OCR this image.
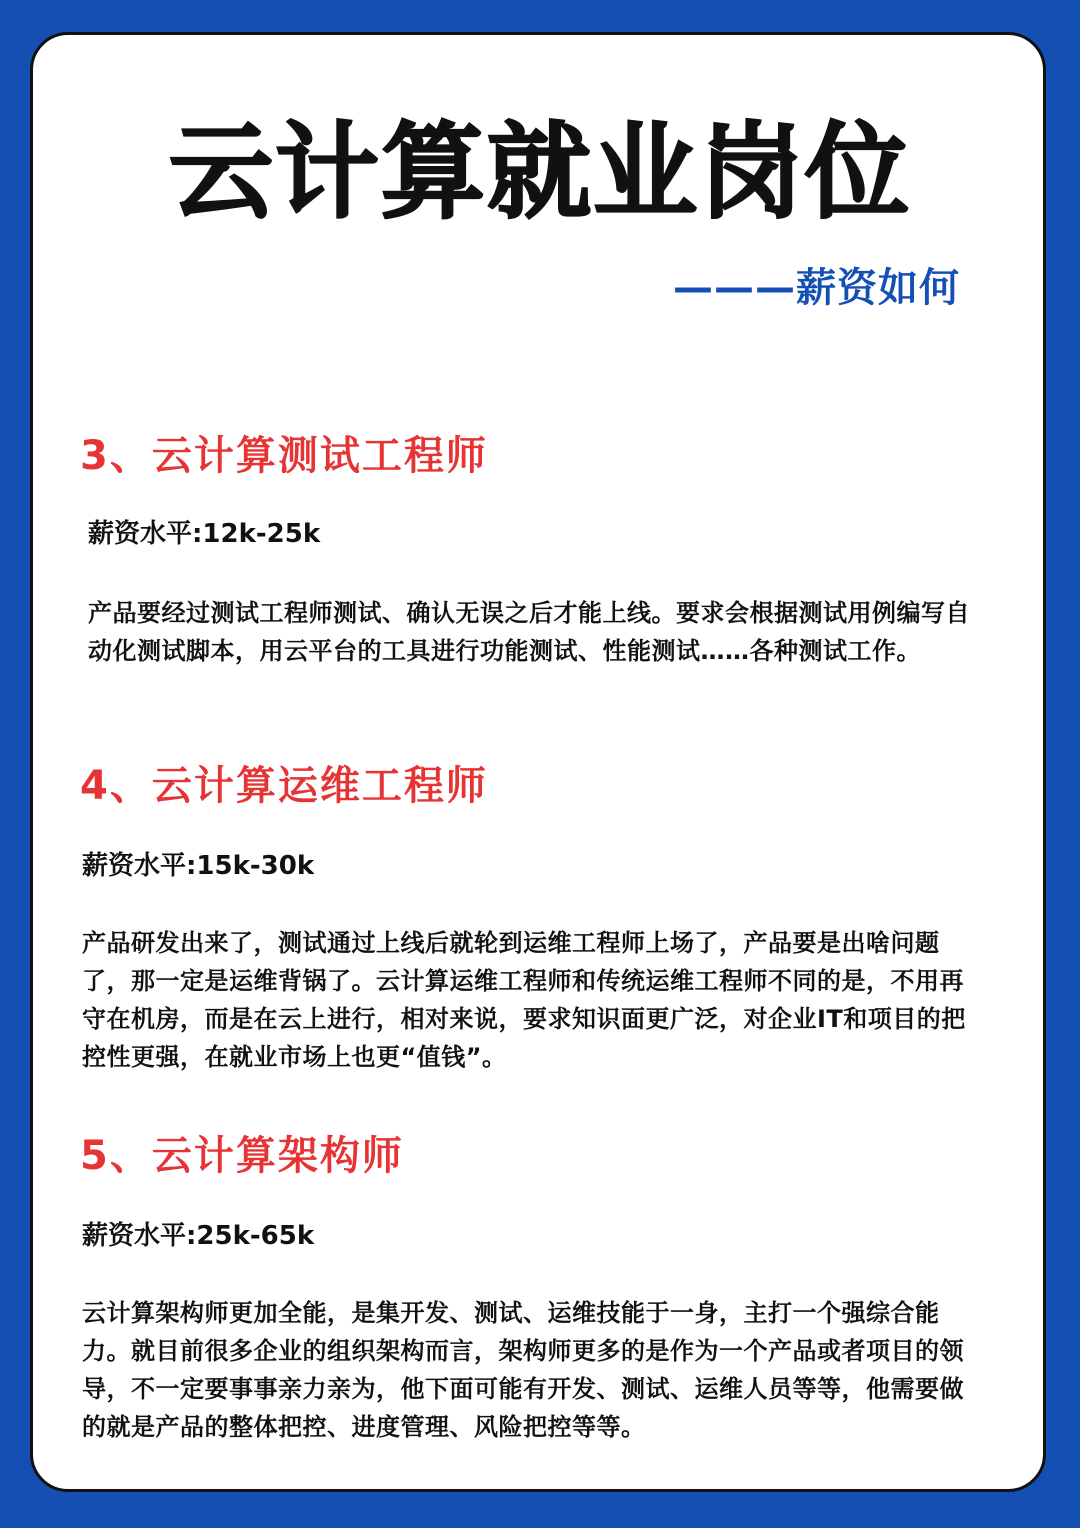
云计算就业岗位
———薪资如何
3、云计算测试工程师
薪资水平:12k-25k
产品要经过测试工程师测试、确认无误之后才能上线。要求会根据测试用例编写自动化测试脚本，用云平台的工具进行功能测试、性能测试……各种测试工作。
4、云计算运维工程师
薪资水平:15k-30k
产品研发出来了，测试通过上线后就轮到运维工程师上场了，产品要是出啥问题了，那一定是运维背锅了。云计算运维工程师和传统运维工程师不同的是，不用再守在机房，而是在云上进行，相对来说，要求知识面更广泛，对企业IT和项目的把控性更强，在就业市场上也更“值钱”。
5、云计算架构师
薪资水平:25k-65k
云计算架构师更加全能，是集开发、测试、运维技能于一身，主打一个强综合能力。就目前很多企业的组织架构而言，架构师更多的是作为一个产品或者项目的领导，不一定要事事亲力亲为，他下面可能有开发、测试、运维人员等等，他需要做的就是产品的整体把控、进度管理、风险把控等等。
